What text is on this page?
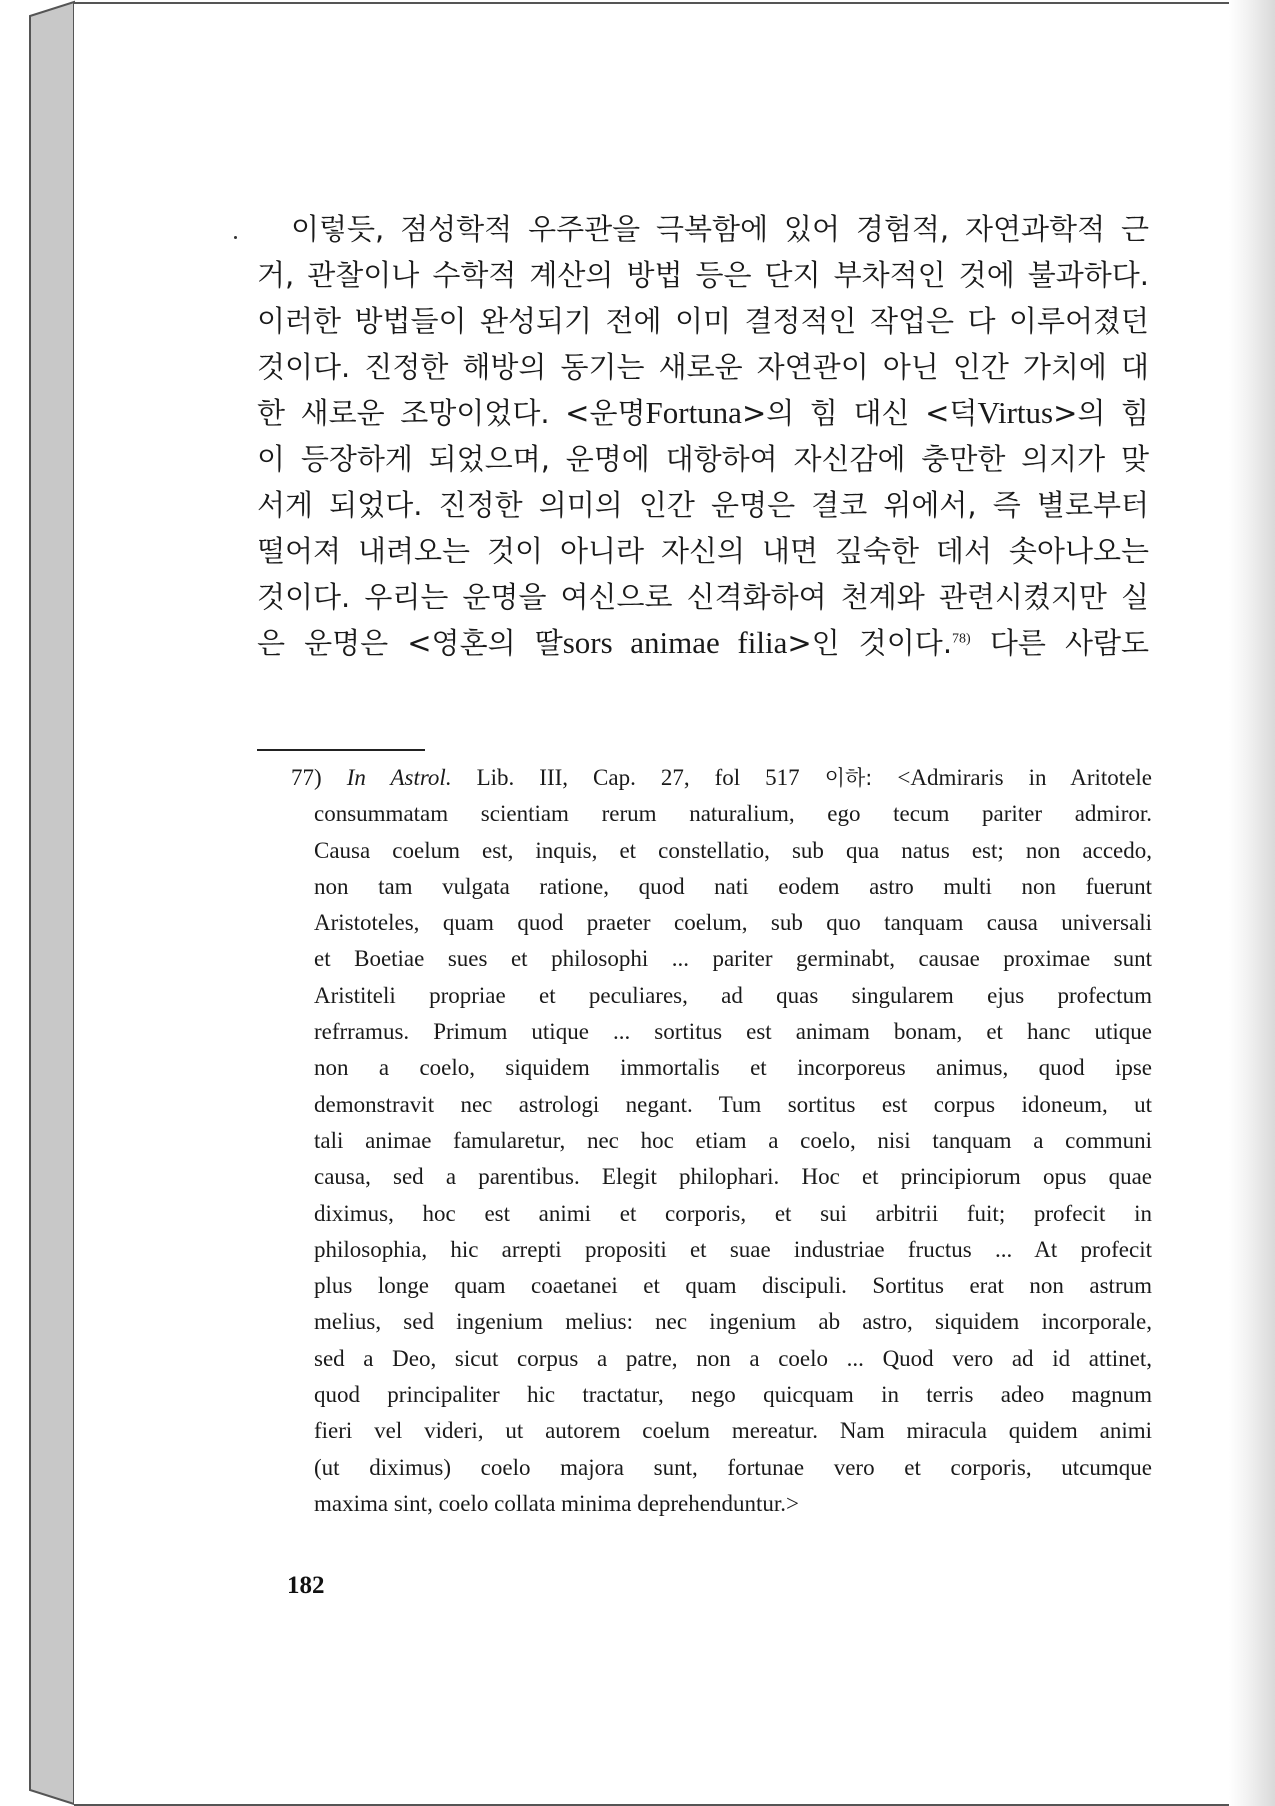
이렇듯, 점성학적 우주관을 극복함에 있어 경험적, 자연과학적 근
거, 관찰이나 수학적 계산의 방법 등은 단지 부차적인 것에 불과하다.
이러한 방법들이 완성되기 전에 이미 결정적인 작업은 다 이루어졌던
것이다. 진정한 해방의 동기는 새로운 자연관이 아닌 인간 가치에 대
한 새로운 조망이었다. <운명Fortuna>의 힘 대신 <덕Virtus>의 힘
이 등장하게 되었으며, 운명에 대항하여 자신감에 충만한 의지가 맞
서게 되었다. 진정한 의미의 인간 운명은 결코 위에서, 즉 별로부터
떨어져 내려오는 것이 아니라 자신의 내면 깊숙한 데서 솟아나오는
것이다. 우리는 운명을 여신으로 신격화하여 천계와 관련시켰지만 실
은 운명은 <영혼의 딸sors animae filia>인 것이다.$^{78)}$ 다른 사람도
77) In Astrol. Lib. III, Cap. 27, fol 517 이하: <Admiraris in Aritotele
consummatam scientiam rerum naturalium, ego tecum pariter admiror.
Causa coelum est, inquis, et constellatio, sub qua natus est; non accedo,
non tam vulgata ratione, quod nati eodem astro multi non fuerunt
Aristoteles, quam quod praeter coelum, sub quo tanquam causa universali
et Boetiae sues et philosophi ... pariter germinabt, causae proximae sunt
Aristiteli propriae et peculiares, ad quas singularem ejus profectum
refrramus. Primum utique ... sortitus est animam bonam, et hanc utique
non a coelo, siquidem immortalis et incorporeus animus, quod ipse
demonstravit nec astrologi negant. Tum sortitus est corpus idoneum, ut
tali animae famularetur, nec hoc etiam a coelo, nisi tanquam a communi
causa, sed a parentibus. Elegit philophari. Hoc et principiorum opus quae
diximus, hoc est animi et corporis, et sui arbitrii fuit; profecit in
philosophia, hic arrepti propositi et suae industriae fructus ... At profecit
plus longe quam coaetanei et quam discipuli. Sortitus erat non astrum
melius, sed ingenium melius: nec ingenium ab astro, siquidem incorporale,
sed a Deo, sicut corpus a patre, non a coelo ... Quod vero ad id attinet,
quod principaliter hic tractatur, nego quicquam in terris adeo magnum
fieri vel videri, ut autorem coelum mereatur. Nam miracula quidem animi
(ut diximus) coelo majora sunt, fortunae vero et corporis, utcumque
maxima sint, coelo collata minima deprehenduntur.>
182
